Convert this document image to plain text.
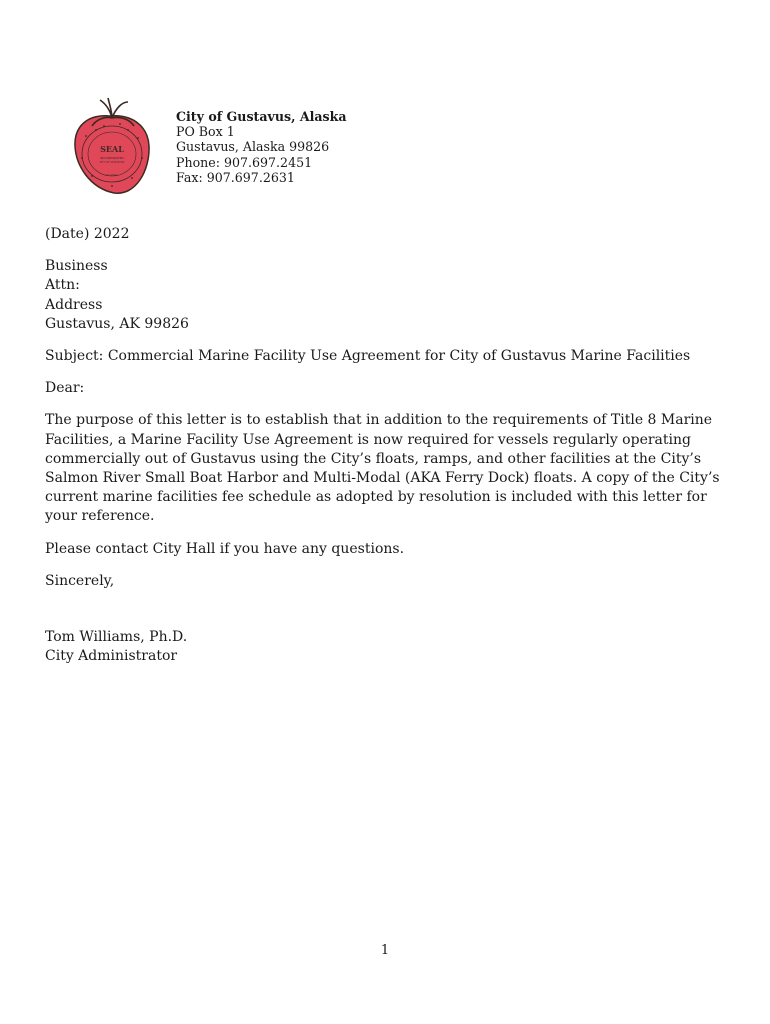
SEAL
INCORPORATED
CITY OF GUSTAVUS
ALASKA
City of Gustavus, Alaska
PO Box 1
Gustavus, Alaska 99826
Phone: 907.697.2451
Fax: 907.697.2631

(Date) 2022

Business
Attn:
Address
Gustavus, AK 99826

Subject: Commercial Marine Facility Use Agreement for City of Gustavus Marine Facilities

Dear:

The purpose of this letter is to establish that in addition to the requirements of Title 8 Marine Facilities, a Marine Facility Use Agreement is now required for vessels regularly operating commercially out of Gustavus using the City’s floats, ramps, and other facilities at the City’s Salmon River Small Boat Harbor and Multi-Modal (AKA Ferry Dock) floats. A copy of the City’s current marine facilities fee schedule as adopted by resolution is included with this letter for your reference.

Please contact City Hall if you have any questions.

Sincerely,

Tom Williams, Ph.D.

City Administrator

1
